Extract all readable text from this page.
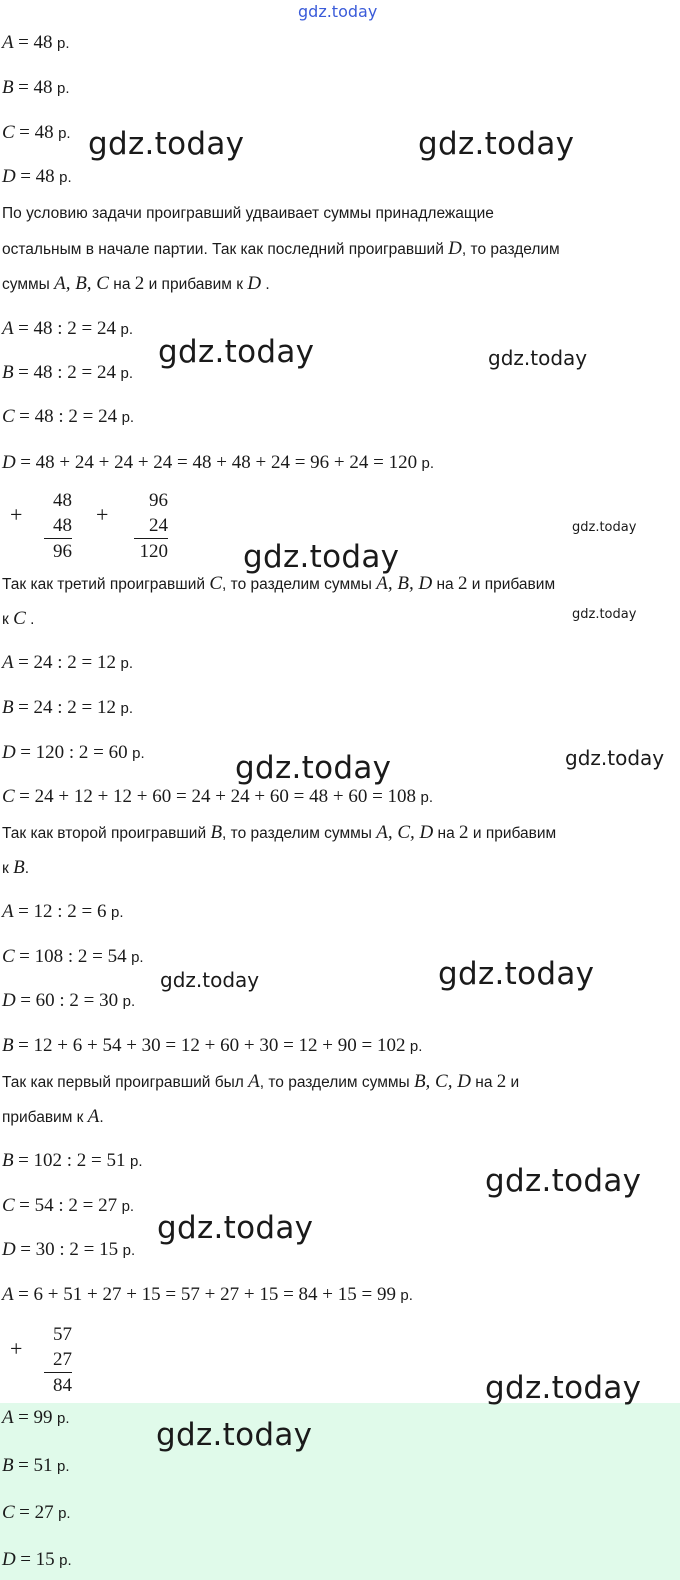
gdz.today
A = 48 р.
B = 48 р.
C = 48 р.
D = 48 р.
По условию задачи проигравший удваивает суммы принадлежащие
остальным в начале партии. Так как последний проигравший D, то разделим
суммы A, B, C на 2 и прибавим к D .
A = 48 : 2 = 24 р.
B = 48 : 2 = 24 р.
C = 48 : 2 = 24 р.
D = 48 + 24 + 24 + 24 = 48 + 48 + 24 = 96 + 24 = 120 р.
+
48
48
96
+
96
24
120
Так как третий проигравший C, то разделим суммы A, B, D на 2 и прибавим
к C .
A = 24 : 2 = 12 р.
B = 24 : 2 = 12 р.
D = 120 : 2 = 60 р.
C = 24 + 12 + 12 + 60 = 24 + 24 + 60 = 48 + 60 = 108 р.
Так как второй проигравший B, то разделим суммы A, C, D на 2 и прибавим
к B.
A = 12 : 2 = 6 р.
C = 108 : 2 = 54 р.
D = 60 : 2 = 30 р.
B = 12 + 6 + 54 + 30 = 12 + 60 + 30 = 12 + 90 = 102 р.
Так как первый проигравший был A, то разделим суммы B, C, D на 2 и
прибавим к A.
B = 102 : 2 = 51 р.
C = 54 : 2 = 27 р.
D = 30 : 2 = 15 р.
A = 6 + 51 + 27 + 15 = 57 + 27 + 15 = 84 + 15 = 99 р.
+
57
27
84
A = 99 р.
B = 51 р.
C = 27 р.
D = 15 р.
gdz.today	gdz.today
gdz.today	gdz.today
gdz.today
gdz.today
gdz.today
gdz.today	gdz.today
gdz.today	gdz.today
gdz.today
gdz.today
gdz.today
gdz.today
